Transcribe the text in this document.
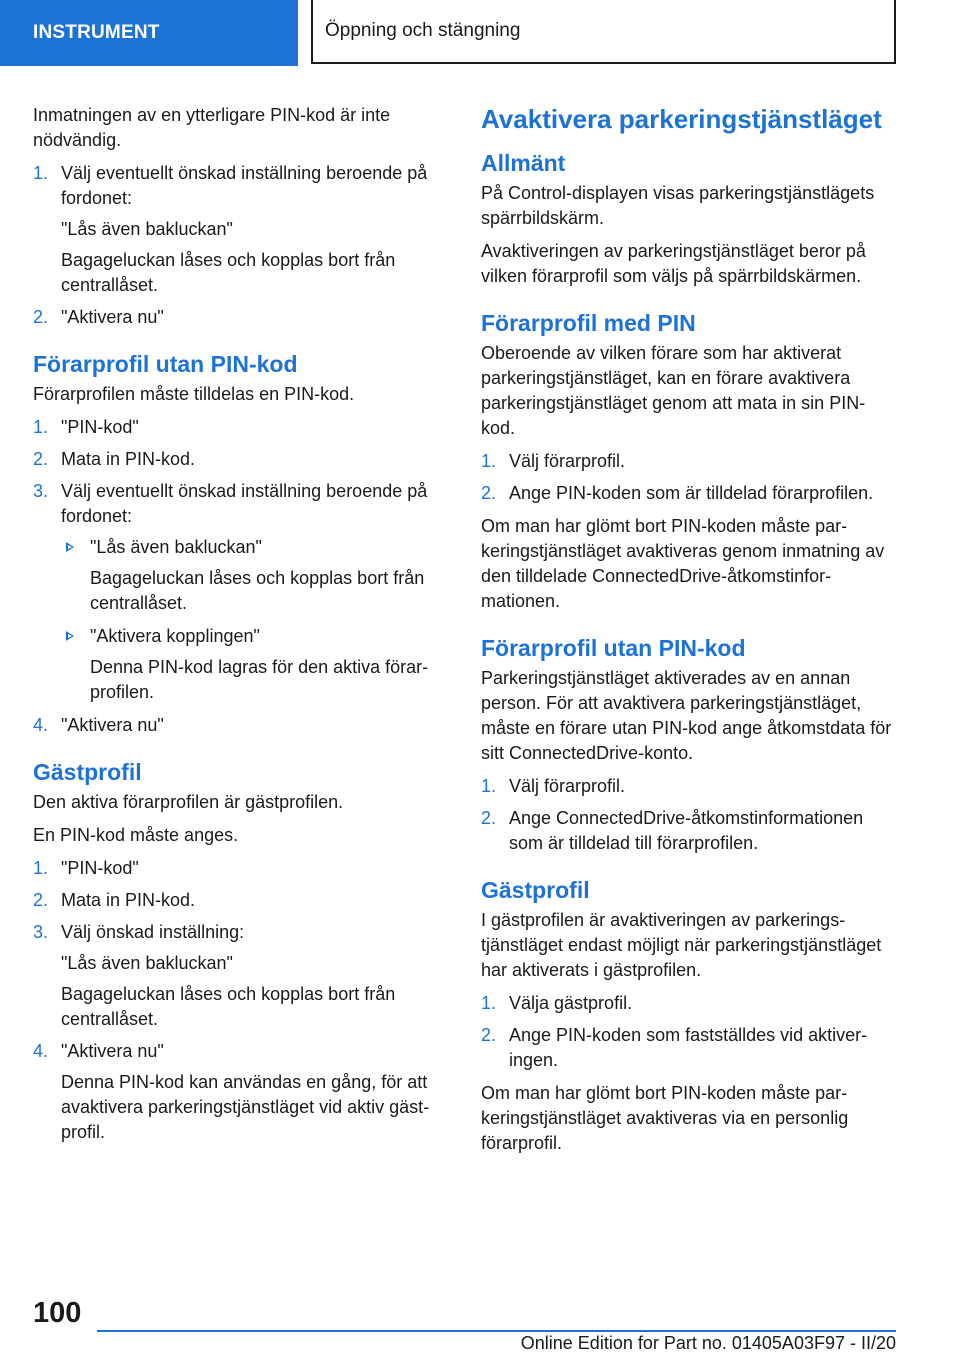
INSTRUMENT	Öppning och stängning

Inmatningen av en ytterligare PIN-kod är inte nödvändig.

1. Välj eventuellt önskad inställning beroende på fordonet:
"Lås även bakluckan"
Bagageluckan låses och kopplas bort från centrallåset.
2. "Aktivera nu"
Förarprofil utan PIN-kod

Förarprofilen måste tilldelas en PIN-kod.

1. "PIN-kod"
2. Mata in PIN-kod.
3. Välj eventuellt önskad inställning beroende på fordonet:
"Lås även bakluckan"
Bagageluckan låses och kopplas bort från centrallåset.
"Aktivera kopplingen"
Denna PIN-kod lagras för den aktiva förarprofilen.
4. "Aktivera nu"
Gästprofil

Den aktiva förarprofilen är gästprofilen.

En PIN-kod måste anges.

1. "PIN-kod"
2. Mata in PIN-kod.
3. Välj önskad inställning:
"Lås även bakluckan"
Bagageluckan låses och kopplas bort från centrallåset.
4. "Aktivera nu"
Denna PIN-kod kan användas en gång, för att avaktivera parkeringstjänstläget vid aktiv gästprofil.
Avaktivera parkeringstjänstläget
Allmänt

På Control-displayen visas parkeringstjänstlägets spärrbildskärm.

Avaktiveringen av parkeringstjänstläget beror på vilken förarprofil som väljs på spärrbildskärmen.

Förarprofil med PIN

Oberoende av vilken förare som har aktiverat parkeringstjänstläget, kan en förare avaktivera parkeringstjänstläget genom att mata in sin PIN-kod.

1. Välj förarprofil.
2. Ange PIN-koden som är tilldelad förarprofilen.

Om man har glömt bort PIN-koden måste parkeringstjänstläget avaktiveras genom inmatning av den tilldelade ConnectedDrive-åtkomstinformationen.

Förarprofil utan PIN-kod

Parkeringstjänstläget aktiverades av en annan person. För att avaktivera parkeringstjänstläget, måste en förare utan PIN-kod ange åtkomstdata för sitt ConnectedDrive-konto.

1. Välj förarprofil.
2. Ange ConnectedDrive-åtkomstinformationen som är tilldelad till förarprofilen.
Gästprofil

I gästprofilen är avaktiveringen av parkeringstjänstläget endast möjligt när parkeringstjänstläget har aktiverats i gästprofilen.

1. Välja gästprofil.
2. Ange PIN-koden som fastställdes vid aktiveringen.

Om man har glömt bort PIN-koden måste parkeringstjänstläget avaktiveras via en personlig förarprofil.

100
Online Edition for Part no. 01405A03F97 - II/20
